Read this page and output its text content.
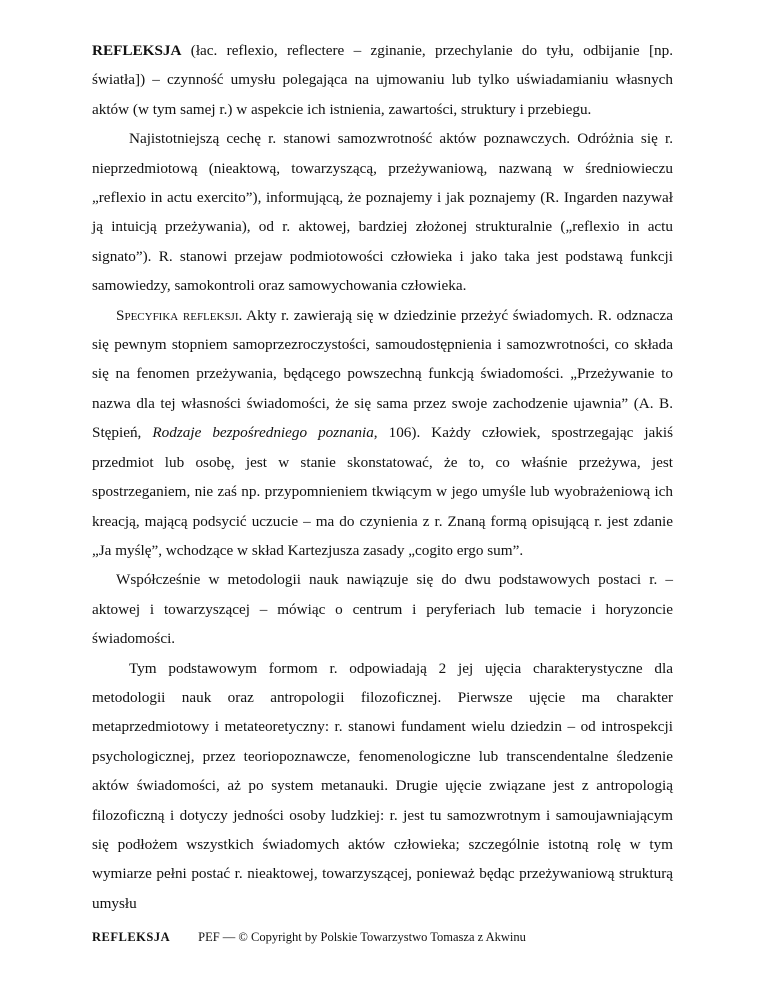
REFLEKSJA (łac. reflexio, reflectere – zginanie, przechylanie do tyłu, odbijanie [np. światła]) – czynność umysłu polegająca na ujmowaniu lub tylko uświadamianiu własnych aktów (w tym samej r.) w aspekcie ich istnienia, zawartości, struktury i przebiegu.

Najistotniejszą cechę r. stanowi samozwrotność aktów poznawczych. Odróżnia się r. nieprzedmiotową (nieaktową, towarzyszącą, przeżywaniową, nazwaną w średniowieczu „reflexio in actu exercito”), informującą, że poznajemy i jak poznajemy (R. Ingarden nazywał ją intuicją przeżywania), od r. aktowej, bardziej złożonej strukturalnie („reflexio in actu signato”). R. stanowi przejaw podmiotowości człowieka i jako taka jest podstawą funkcji samowiedzy, samokontroli oraz samowychowania człowieka.

Specyfika refleksji. Akty r. zawierają się w dziedzinie przeżyć świadomych. R. odznacza się pewnym stopniem samoprzezroczystości, samoudostępnienia i samozwrotności, co składa się na fenomen przeżywania, będącego powszechną funkcją świadomości. „Przeżywanie to nazwa dla tej własności świadomości, że się sama przez swoje zachodzenie ujawnia” (A. B. Stępień, Rodzaje bezpośredniego poznania, 106). Każdy człowiek, spostrzegając jakiś przedmiot lub osobę, jest w stanie skonstatować, że to, co właśnie przeżywa, jest spostrzeganiem, nie zaś np. przypomnieniem tkwiącym w jego umyśle lub wyobrażeniową ich kreacją, mającą podsycić uczucie – ma do czynienia z r. Znaną formą opisującą r. jest zdanie „Ja myślę”, wchodzące w skład Kartezjusza zasady „cogito ergo sum”.

Współcześnie w metodologii nauk nawiązuje się do dwu podstawowych postaci r. – aktowej i towarzyszącej – mówiąc o centrum i peryferiach lub temacie i horyzoncie świadomości.

Tym podstawowym formom r. odpowiadają 2 jej ujęcia charakterystyczne dla metodologii nauk oraz antropologii filozoficznej. Pierwsze ujęcie ma charakter metaprzedmiotowy i metateoretyczny: r. stanowi fundament wielu dziedzin – od introspekcji psychologicznej, przez teoriopoznawcze, fenomenologiczne lub transcendentalne śledzenie aktów świadomości, aż po system metanauki. Drugie ujęcie związane jest z antropologią filozoficzną i dotyczy jedności osoby ludzkiej: r. jest tu samozwrotnym i samoujawniającym się podłożem wszystkich świadomych aktów człowieka; szczególnie istotną rolę w tym wymiarze pełni postać r. nieaktowej, towarzyszącej, ponieważ będąc przeżywaniową strukturą umysłu

REFLEKSJA PEF — © Copyright by Polskie Towarzystwo Tomasza z Akwinu
